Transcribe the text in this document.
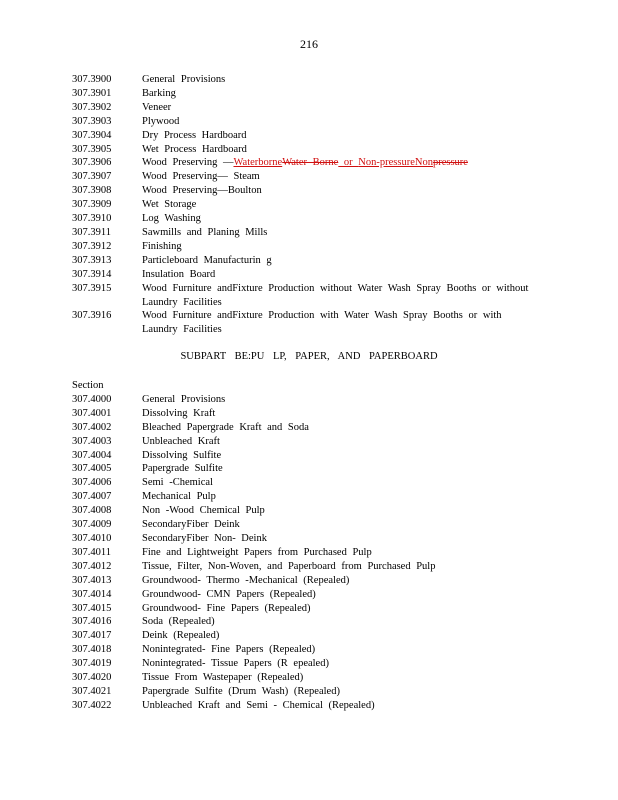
216
307.3900	General Provisions
307.3901	Barking
307.3902	Veneer
307.3903	Plywood
307.3904	Dry Process Hardboard
307.3905	Wet Process Hardboard
307.3906	Wood Preserving —WaterborneWater Borne or Non-pressureNonpressure
307.3907	Wood Preserving— Steam
307.3908	Wood Preserving—Boulton
307.3909	Wet Storage
307.3910	Log Washing
307.3911	Sawmills and Planing Mills
307.3912	Finishing
307.3913	Particleboard Manufacturin g
307.3914	Insulation Board
307.3915	Wood Furniture andFixture Production without Water Wash Spray Booths or without Laundry Facilities
307.3916	Wood Furniture andFixture Production with Water Wash Spray Booths or with Laundry Facilities
SUBPART BE:PU LP, PAPER, AND PAPERBOARD
Section
307.4000	General Provisions
307.4001	Dissolving Kraft
307.4002	Bleached Papergrade Kraft and Soda
307.4003	Unbleached Kraft
307.4004	Dissolving Sulfite
307.4005	Papergrade Sulfite
307.4006	Semi -Chemical
307.4007	Mechanical Pulp
307.4008	Non -Wood Chemical Pulp
307.4009	SecondaryFiber Deink
307.4010	SecondaryFiber Non- Deink
307.4011	Fine and Lightweight Papers from Purchased Pulp
307.4012	Tissue, Filter, Non-Woven, and Paperboard from Purchased Pulp
307.4013	Groundwood- Thermo -Mechanical (Repealed)
307.4014	Groundwood- CMN Papers (Repealed)
307.4015	Groundwood- Fine Papers (Repealed)
307.4016	Soda (Repealed)
307.4017	Deink (Repealed)
307.4018	Nonintegrated- Fine Papers (Repealed)
307.4019	Nonintegrated- Tissue Papers (R epealed)
307.4020	Tissue From Wastepaper (Repealed)
307.4021	Papergrade Sulfite (Drum Wash) (Repealed)
307.4022	Unbleached Kraft and Semi - Chemical (Repealed)
